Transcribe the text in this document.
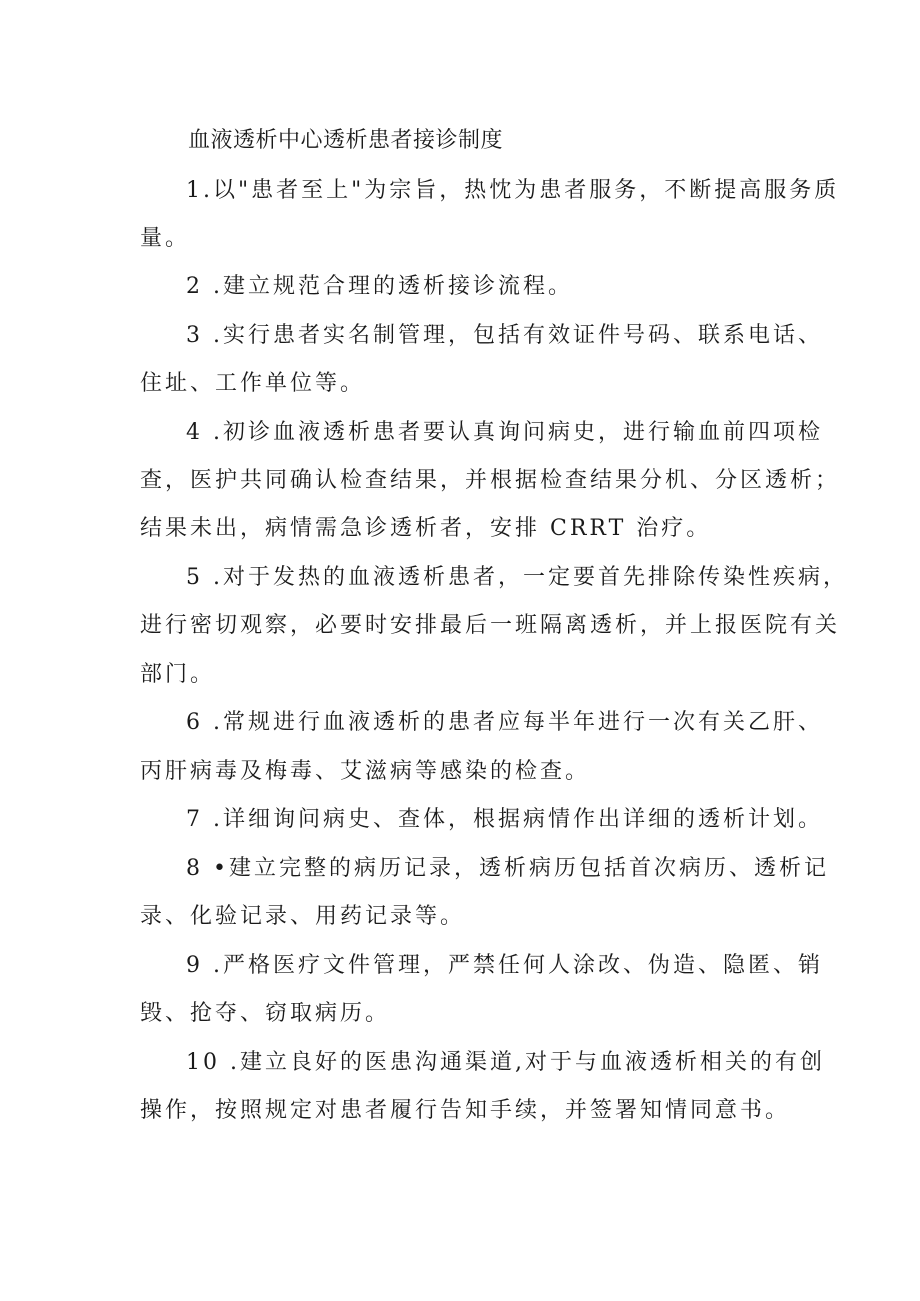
血液透析中心透析患者接诊制度
1.以"患者至上"为宗旨，热忱为患者服务，不断提高服务质
量。
2 .建立规范合理的透析接诊流程。
3 .实行患者实名制管理，包括有效证件号码、联系电话、
住址、工作单位等。
4 .初诊血液透析患者要认真询问病史，进行输血前四项检
查，医护共同确认检查结果，并根据检查结果分机、分区透析；
结果未出，病情需急诊透析者，安排 CRRT 治疗。
5 .对于发热的血液透析患者，一定要首先排除传染性疾病，
进行密切观察，必要时安排最后一班隔离透析，并上报医院有关
部门。
6 .常规进行血液透析的患者应每半年进行一次有关乙肝、
丙肝病毒及梅毒、艾滋病等感染的检查。
7 .详细询问病史、查体，根据病情作出详细的透析计划。
8 •建立完整的病历记录，透析病历包括首次病历、透析记
录、化验记录、用药记录等。
9 .严格医疗文件管理，严禁任何人涂改、伪造、隐匿、销
毁、抢夺、窃取病历。
10 .建立良好的医患沟通渠道,对于与血液透析相关的有创
操作，按照规定对患者履行告知手续，并签署知情同意书。
